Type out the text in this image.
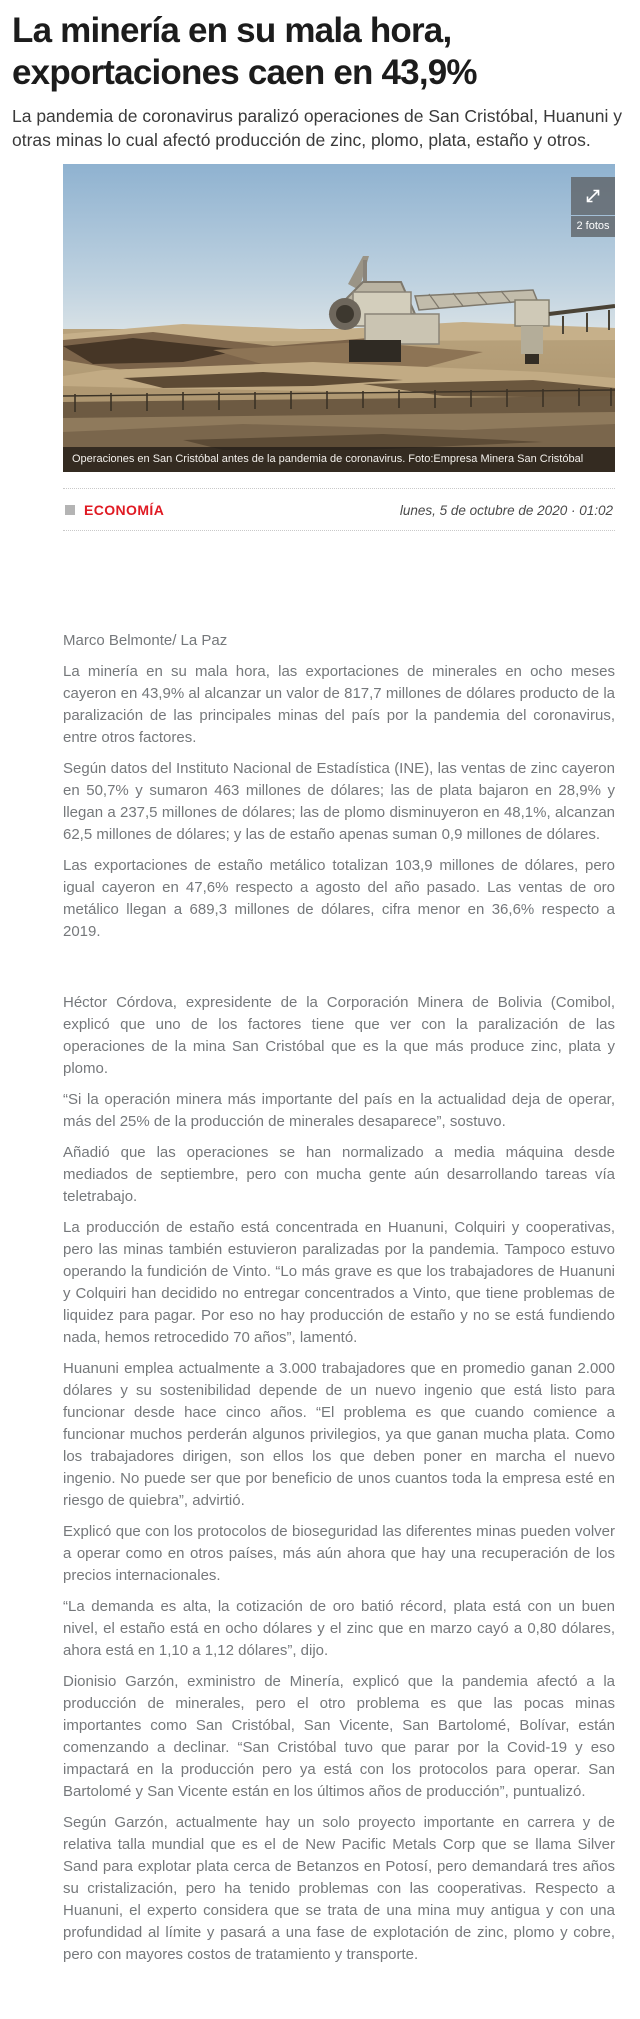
La minería en su mala hora, exportaciones caen en 43,9%
La pandemia de coronavirus paralizó operaciones de San Cristóbal, Huanuni y otras minas lo cual afectó producción de zinc, plomo, plata, estaño y otros.
2 fotos
Operaciones en San Cristóbal antes de la pandemia de coronavirus. Foto:Empresa Minera San Cristóbal
ECONOMÍA	lunes, 5 de octubre de 2020 · 01:02

Marco Belmonte/ La Paz

La minería en su mala hora, las exportaciones de minerales en ocho meses cayeron en 43,9% al alcanzar un valor de 817,7 millones de dólares producto de la paralización de las principales minas del país por la pandemia del coronavirus, entre otros factores.

Según datos del Instituto Nacional de Estadística (INE), las ventas de zinc cayeron en 50,7% y sumaron 463 millones de dólares; las de plata bajaron en 28,9% y llegan a 237,5 millones de dólares; las de plomo disminuyeron en 48,1%, alcanzan 62,5 millones de dólares; y las de estaño apenas suman 0,9 millones de dólares.

Las exportaciones de estaño metálico totalizan 103,9 millones de dólares, pero igual cayeron en 47,6% respecto a agosto del año pasado. Las ventas de oro metálico llegan a 689,3 millones de dólares, cifra menor en 36,6% respecto a 2019.

Héctor Córdova, expresidente de la Corporación Minera de Bolivia (Comibol, explicó que uno de los factores tiene que ver con la paralización de las operaciones de la mina San Cristóbal que es la que más produce zinc, plata y plomo.

“Si la operación minera más importante del país en la actualidad deja de operar, más del 25% de la producción de minerales desaparece”, sostuvo.

Añadió que las operaciones se han normalizado a media máquina desde mediados de septiembre, pero con mucha gente aún desarrollando tareas vía teletrabajo.

La producción de estaño está concentrada en Huanuni, Colquiri y cooperativas, pero las minas también estuvieron paralizadas por la pandemia. Tampoco estuvo operando la fundición de Vinto. “Lo más grave es que los trabajadores de Huanuni y Colquiri han decidido no entregar concentrados a Vinto, que tiene problemas de liquidez para pagar. Por eso no hay producción de estaño y no se está fundiendo nada, hemos retrocedido 70 años”, lamentó.

Huanuni emplea actualmente a 3.000 trabajadores que en promedio ganan 2.000 dólares y su sostenibilidad depende de un nuevo ingenio que está listo para funcionar desde hace cinco años. “El problema es que cuando comience a funcionar muchos perderán algunos privilegios, ya que ganan mucha plata. Como los trabajadores dirigen, son ellos los que deben poner en marcha el nuevo ingenio. No puede ser que por beneficio de unos cuantos toda la empresa esté en riesgo de quiebra”, advirtió.

Explicó que con los protocolos de bioseguridad las diferentes minas pueden volver a operar como en otros países, más aún ahora que hay una recuperación de los precios internacionales.

“La demanda es alta, la cotización de oro batió récord, plata está con un buen nivel, el estaño está en ocho dólares y el zinc que en marzo cayó a 0,80 dólares, ahora está en 1,10 a 1,12 dólares”, dijo.

Dionisio Garzón, exministro de Minería, explicó que la pandemia afectó a la producción de minerales, pero el otro problema es que las pocas minas importantes como San Cristóbal, San Vicente, San Bartolomé, Bolívar, están comenzando a declinar. “San Cristóbal tuvo que parar por la Covid-19 y eso impactará en la producción pero ya está con los protocolos para operar. San Bartolomé y San Vicente están en los últimos años de producción”, puntualizó.

Según Garzón, actualmente hay un solo proyecto importante en carrera y de relativa talla mundial que es el de New Pacific Metals Corp que se llama Silver Sand para explotar plata cerca de Betanzos en Potosí, pero demandará tres años su cristalización, pero ha tenido problemas con las cooperativas. Respecto a Huanuni, el experto considera que se trata de una mina muy antigua y con una profundidad al límite y pasará a una fase de explotación de zinc, plomo y cobre, pero con mayores costos de tratamiento y transporte.
